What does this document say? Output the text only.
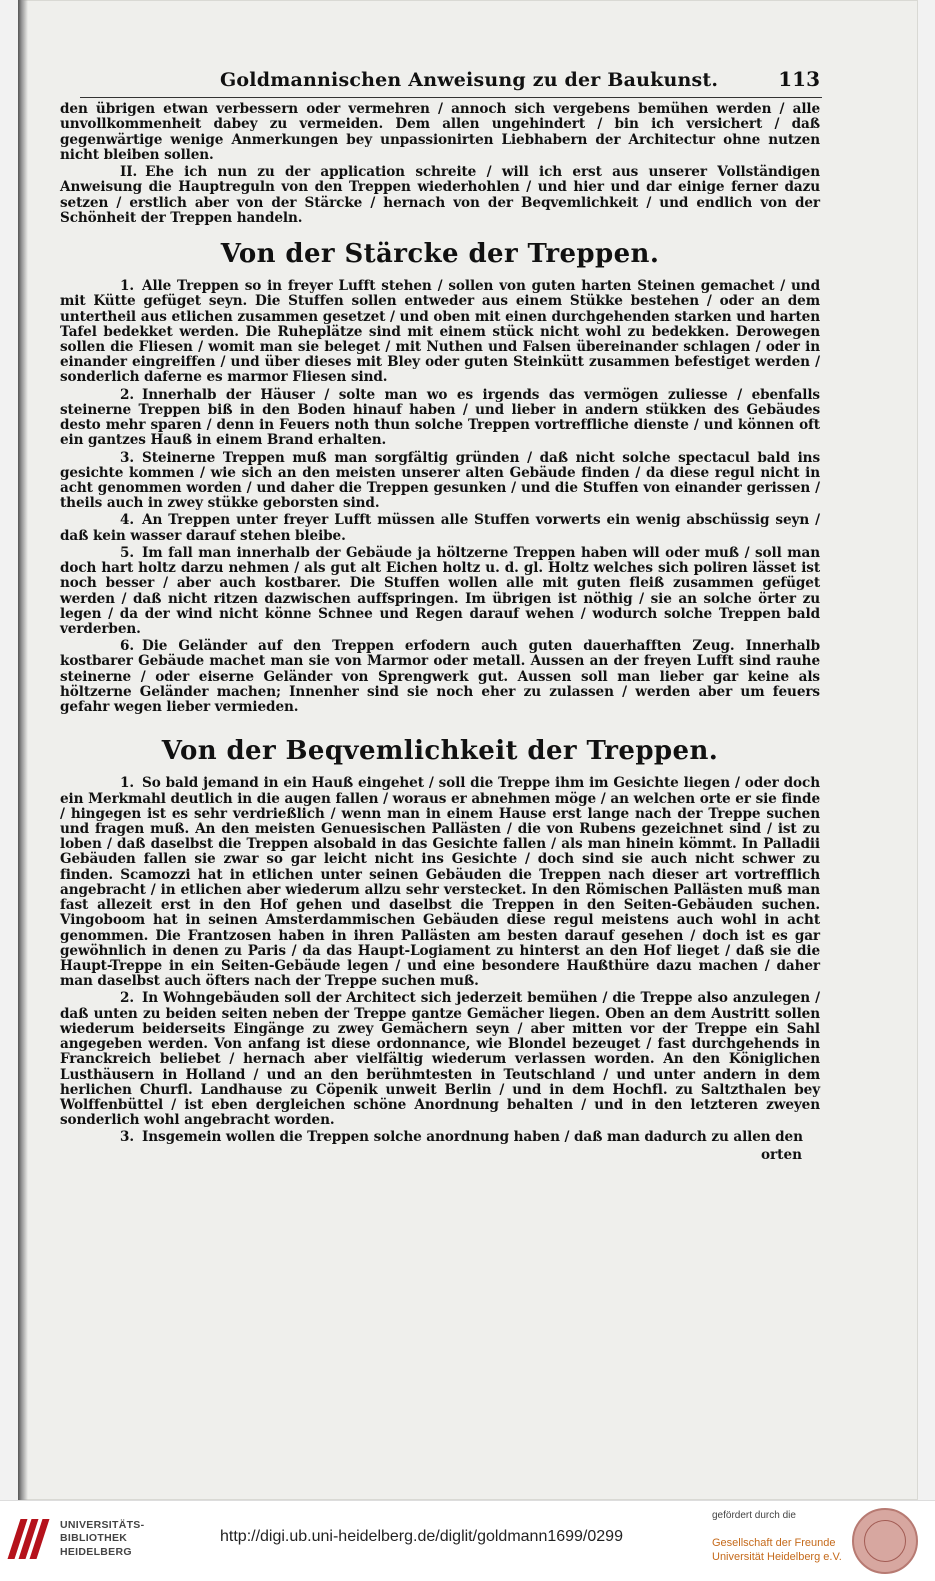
Goldmannischen Anweisung zu der Baukunst.	113

den übrigen etwan verbessern oder vermehren / annoch sich vergebens bemühen werden / alle unvollkommenheit dabey zu vermeiden. Dem allen ungehindert / bin ich versichert / daß gegenwärtige wenige Anmerkungen bey unpassionirten Liebhabern der Architectur ohne nutzen nicht bleiben sollen.

II. Ehe ich nun zu der application schreite / will ich erst aus unserer Vollständigen Anweisung die Hauptreguln von den Treppen wiederhohlen / und hier und dar einige ferner dazu setzen / erstlich aber von der Stärcke / hernach von der Beqvemlichkeit / und endlich von der Schönheit der Treppen handeln.

Von der Stärcke der Treppen.

1. Alle Treppen so in freyer Lufft stehen / sollen von guten harten Steinen gemachet / und mit Kütte gefüget seyn. Die Stuffen sollen entweder aus einem Stükke bestehen / oder an dem untertheil aus etlichen zusammen gesetzet / und oben mit einen durchgehenden starken und harten Tafel bedekket werden. Die Ruheplätze sind mit einem stück nicht wohl zu bedekken. Derowegen sollen die Fliesen / womit man sie beleget / mit Nuthen und Falsen übereinander schlagen / oder in einander eingreiffen / und über dieses mit Bley oder guten Steinkütt zusammen befestiget werden / sonderlich daferne es marmor Fliesen sind.

2. Innerhalb der Häuser / solte man wo es irgends das vermögen zuliesse / ebenfalls steinerne Treppen biß in den Boden hinauf haben / und lieber in andern stükken des Gebäudes desto mehr sparen / denn in Feuers noth thun solche Treppen vortreffliche dienste / und können oft ein gantzes Hauß in einem Brand erhalten.

3. Steinerne Treppen muß man sorgfältig gründen / daß nicht solche spectacul bald ins gesichte kommen / wie sich an den meisten unserer alten Gebäude finden / da diese regul nicht in acht genommen worden / und daher die Treppen gesunken / und die Stuffen von einander gerissen / theils auch in zwey stükke geborsten sind.

4. An Treppen unter freyer Lufft müssen alle Stuffen vorwerts ein wenig abschüssig seyn / daß kein wasser darauf stehen bleibe.

5. Im fall man innerhalb der Gebäude ja höltzerne Treppen haben will oder muß / soll man doch hart holtz darzu nehmen / als gut alt Eichen holtz u. d. gl. Holtz welches sich poliren lässet ist noch besser / aber auch kostbarer. Die Stuffen wollen alle mit guten fleiß zusammen gefüget werden / daß nicht ritzen dazwischen auffspringen. Im übrigen ist nöthig / sie an solche örter zu legen / da der wind nicht könne Schnee und Regen darauf wehen / wodurch solche Treppen bald verderben.

6. Die Geländer auf den Treppen erfodern auch guten dauerhafften Zeug. Innerhalb kostbarer Gebäude machet man sie von Marmor oder metall. Aussen an der freyen Lufft sind rauhe steinerne / oder eiserne Geländer von Sprengwerk gut. Aussen soll man lieber gar keine als höltzerne Geländer machen; Innenher sind sie noch eher zu zulassen / werden aber um feuers gefahr wegen lieber vermieden.

Von der Beqvemlichkeit der Treppen.

1. So bald jemand in ein Hauß eingehet / soll die Treppe ihm im Gesichte liegen / oder doch ein Merkmahl deutlich in die augen fallen / woraus er abnehmen möge / an welchen orte er sie finde / hingegen ist es sehr verdrießlich / wenn man in einem Hause erst lange nach der Treppe suchen und fragen muß. An den meisten Genuesischen Pallästen / die von Rubens gezeichnet sind / ist zu loben / daß daselbst die Treppen alsobald in das Gesichte fallen / als man hinein kömmt. In Palladii Gebäuden fallen sie zwar so gar leicht nicht ins Gesichte / doch sind sie auch nicht schwer zu finden. Scamozzi hat in etlichen unter seinen Gebäuden die Treppen nach dieser art vortrefflich angebracht / in etlichen aber wiederum allzu sehr verstecket. In den Römischen Pallästen muß man fast allezeit erst in den Hof gehen und daselbst die Treppen in den Seiten-Gebäuden suchen. Vingoboom hat in seinen Amsterdammischen Gebäuden diese regul meistens auch wohl in acht genommen. Die Frantzosen haben in ihren Pallästen am besten darauf gesehen / doch ist es gar gewöhnlich in denen zu Paris / da das Haupt-Logiament zu hinterst an den Hof lieget / daß sie die Haupt-Treppe in ein Seiten-Gebäude legen / und eine besondere Haußthüre dazu machen / daher man daselbst auch öfters nach der Treppe suchen muß.

2. In Wohngebäuden soll der Architect sich jederzeit bemühen / die Treppe also anzulegen / daß unten zu beiden seiten neben der Treppe gantze Gemächer liegen. Oben an dem Austritt sollen wiederum beiderseits Eingänge zu zwey Gemächern seyn / aber mitten vor der Treppe ein Sahl angegeben werden. Von anfang ist diese ordonnance, wie Blondel bezeuget / fast durchgehends in Franckreich beliebet / hernach aber vielfältig wiederum verlassen worden. An den Königlichen Lusthäusern in Holland / und an den berühmtesten in Teutschland / und unter andern in dem herlichen Churfl. Landhause zu Cöpenik unweit Berlin / und in dem Hochfl. zu Saltzthalen bey Wolffenbüttel / ist eben dergleichen schöne Anordnung behalten / und in den letzteren zweyen sonderlich wohl angebracht worden.

3. Insgemein wollen die Treppen solche anordnung haben / daß man dadurch zu allen den

orten
UNIVERSITÄTS-
BIBLIOTHEK
HEIDELBERG
http://digi.ub.uni-heidelberg.de/diglit/goldmann1699/0299
gefördert durch die
Gesellschaft der Freunde
Universität Heidelberg e.V.
